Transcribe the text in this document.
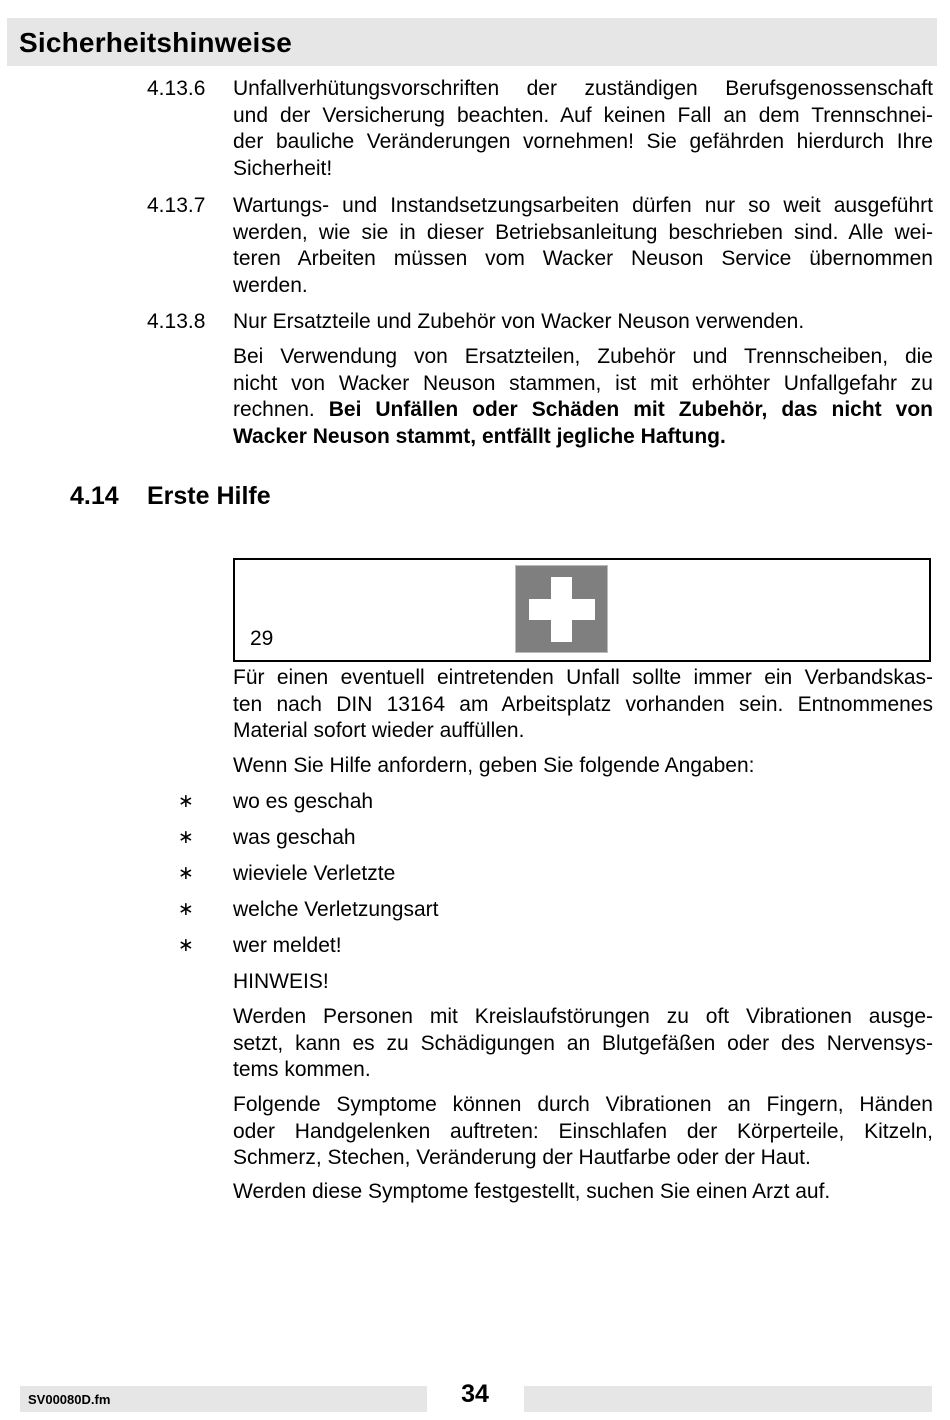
Sicherheitshinweise
4.13.6 Unfallverhütungsvorschriften der zuständigen Berufsgenossenschaft
und der Versicherung beachten. Auf keinen Fall an dem Trennschnei-
der bauliche Veränderungen vornehmen! Sie gefährden hierdurch Ihre
Sicherheit!
4.13.7 Wartungs- und Instandsetzungsarbeiten dürfen nur so weit ausgeführt
werden, wie sie in dieser Betriebsanleitung beschrieben sind. Alle wei-
teren Arbeiten müssen vom Wacker Neuson Service übernommen
werden.
4.13.8 Nur Ersatzteile und Zubehör von Wacker Neuson verwenden.
Bei Verwendung von Ersatzteilen, Zubehör und Trennscheiben, die
nicht von Wacker Neuson stammen, ist mit erhöhter Unfallgefahr zu
rechnen. Bei Unfällen oder Schäden mit Zubehör, das nicht von
Wacker Neuson stammt, entfällt jegliche Haftung.
4.14 Erste Hilfe
29
Für einen eventuell eintretenden Unfall sollte immer ein Verbandskas-
ten nach DIN 13164 am Arbeitsplatz vorhanden sein. Entnommenes
Material sofort wieder auffüllen.
Wenn Sie Hilfe anfordern, geben Sie folgende Angaben:
∗ wo es geschah
∗ was geschah
∗ wieviele Verletzte
∗ welche Verletzungsart
∗ wer meldet!
HINWEIS!
Werden Personen mit Kreislaufstörungen zu oft Vibrationen ausge-
setzt, kann es zu Schädigungen an Blutgefäßen oder des Nervensys-
tems kommen.
Folgende Symptome können durch Vibrationen an Fingern, Händen
oder Handgelenken auftreten: Einschlafen der Körperteile, Kitzeln,
Schmerz, Stechen, Veränderung der Hautfarbe oder der Haut.
Werden diese Symptome festgestellt, suchen Sie einen Arzt auf.
SV00080D.fm	34
